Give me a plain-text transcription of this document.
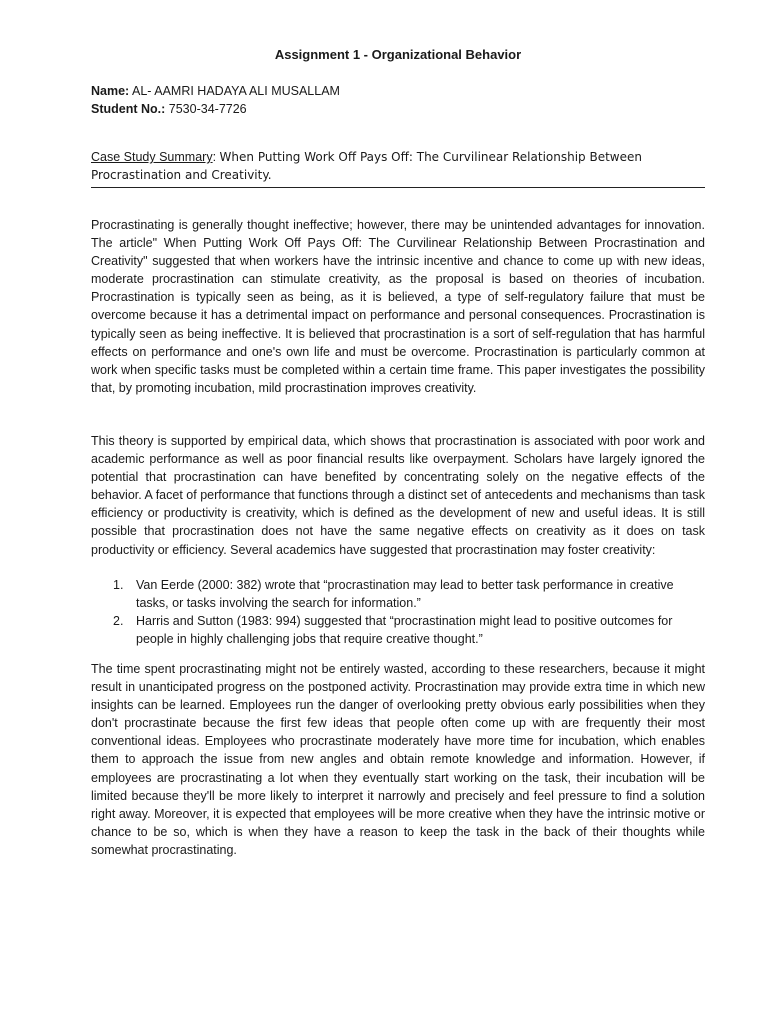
Assignment 1 - Organizational Behavior
Name: AL- AAMRI HADAYA ALI MUSALLAM
Student No.: 7530-34-7726
Case Study Summary: When Putting Work Off Pays Off: The Curvilinear Relationship Between Procrastination and Creativity.

Procrastinating is generally thought ineffective; however, there may be unintended advantages for innovation. The article" When Putting Work Off Pays Off: The Curvilinear Relationship Between Procrastination and Creativity" suggested that when workers have the intrinsic incentive and chance to come up with new ideas, moderate procrastination can stimulate creativity, as the proposal is based on theories of incubation. Procrastination is typically seen as being, as it is believed, a type of self-regulatory failure that must be overcome because it has a detrimental impact on performance and personal consequences. Procrastination is typically seen as being ineffective. It is believed that procrastination is a sort of self-regulation that has harmful effects on performance and one's own life and must be overcome. Procrastination is particularly common at work when specific tasks must be completed within a certain time frame. This paper investigates the possibility that, by promoting incubation, mild procrastination improves creativity.

This theory is supported by empirical data, which shows that procrastination is associated with poor work and academic performance as well as poor financial results like overpayment. Scholars have largely ignored the potential that procrastination can have benefited by concentrating solely on the negative effects of the behavior. A facet of performance that functions through a distinct set of antecedents and mechanisms than task efficiency or productivity is creativity, which is defined as the development of new and useful ideas. It is still possible that procrastination does not have the same negative effects on creativity as it does on task productivity or efficiency. Several academics have suggested that procrastination may foster creativity:

1. Van Eerde (2000: 382) wrote that “procrastination may lead to better task performance in creative tasks, or tasks involving the search for information.”
2. Harris and Sutton (1983: 994) suggested that “procrastination might lead to positive outcomes for people in highly challenging jobs that require creative thought.”

The time spent procrastinating might not be entirely wasted, according to these researchers, because it might result in unanticipated progress on the postponed activity. Procrastination may provide extra time in which new insights can be learned. Employees run the danger of overlooking pretty obvious early possibilities when they don't procrastinate because the first few ideas that people often come up with are frequently their most conventional ideas. Employees who procrastinate moderately have more time for incubation, which enables them to approach the issue from new angles and obtain remote knowledge and information. However, if employees are procrastinating a lot when they eventually start working on the task, their incubation will be limited because they'll be more likely to interpret it narrowly and precisely and feel pressure to find a solution right away. Moreover, it is expected that employees will be more creative when they have the intrinsic motive or chance to be so, which is when they have a reason to keep the task in the back of their thoughts while somewhat procrastinating.
